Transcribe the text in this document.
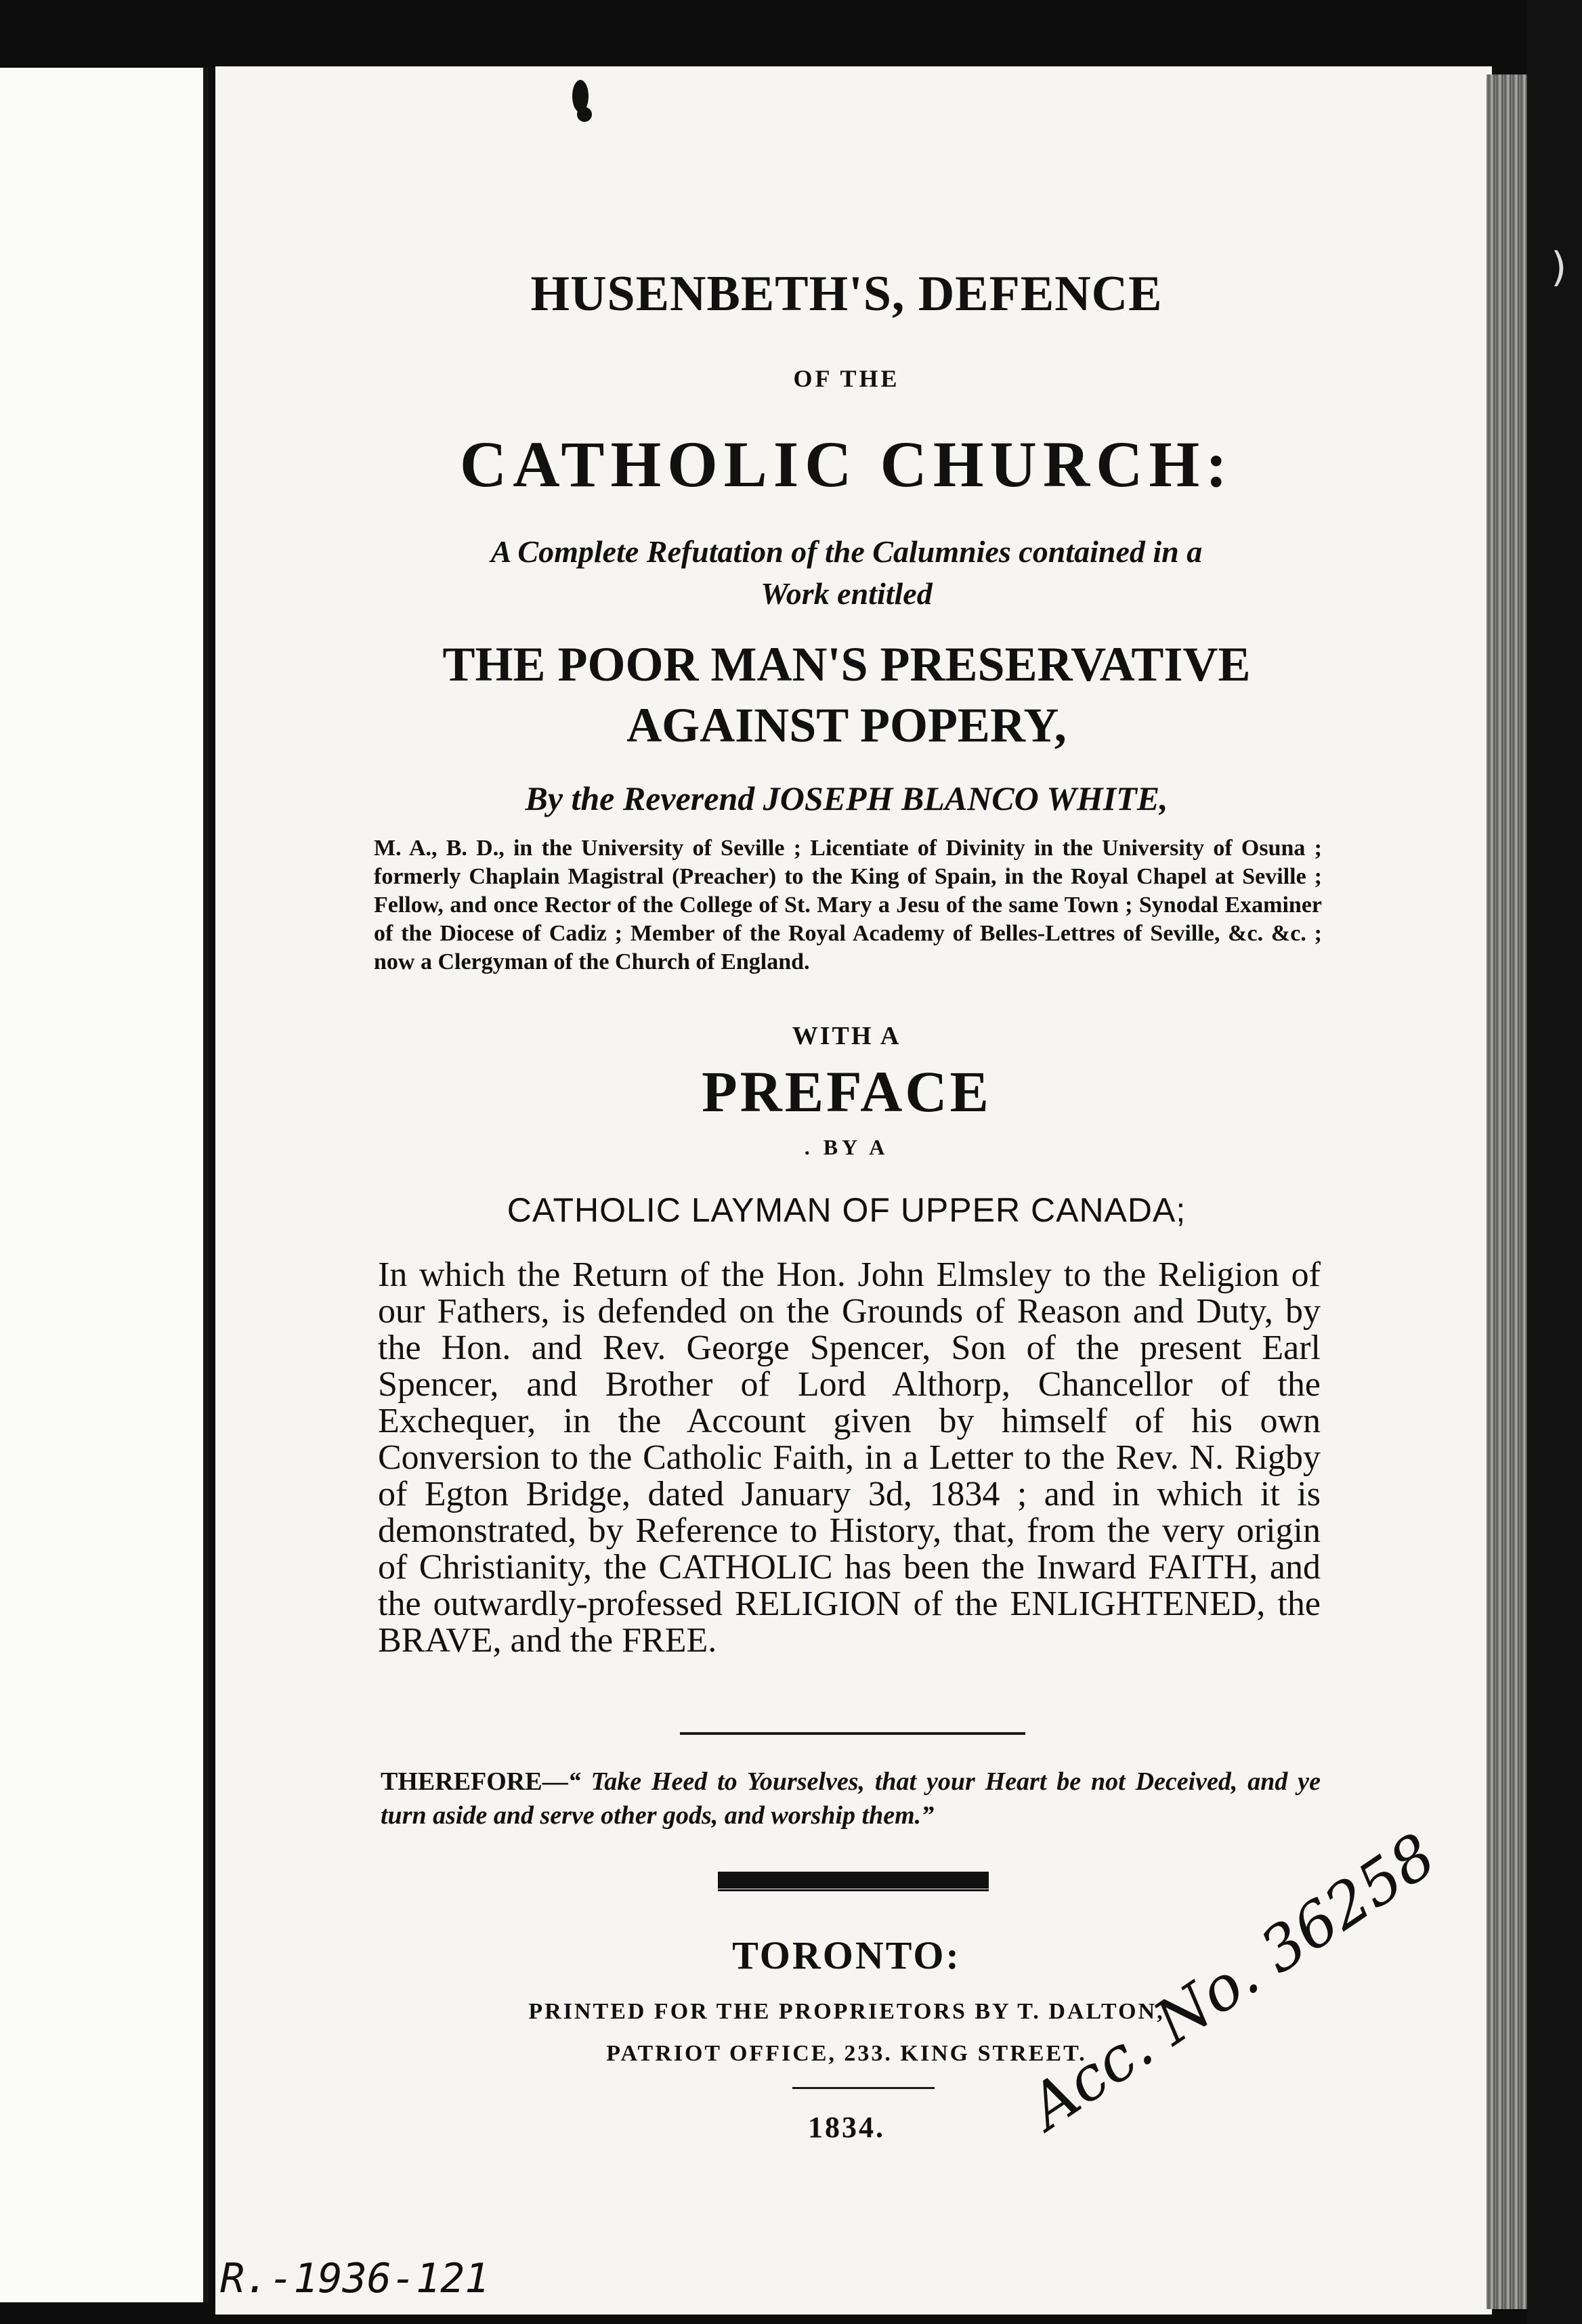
)
HUSENBETH'S, DEFENCE
OF THE
CATHOLIC CHURCH:
A Complete Refutation of the Calumnies contained in a
Work entitled
THE POOR MAN'S PRESERVATIVE
AGAINST POPERY,
By the Reverend JOSEPH BLANCO WHITE,
M. A., B. D., in the University of Seville ; Licentiate of Divinity in the University of Osuna ; formerly Chaplain Magistral (Preacher) to the King of Spain, in the Royal Chapel at Seville ; Fellow, and once Rector of the College of St. Mary a Jesu of the same Town ; Synodal Examiner of the Diocese of Cadiz ; Member of the Royal Academy of Belles-Lettres of Seville, &c. &c. ; now a Clergyman of the Church of England.
WITH A
PREFACE
. BY A
CATHOLIC LAYMAN OF UPPER CANADA;
In which the Return of the Hon. John Elmsley to the Religion of our Fathers, is defended on the Grounds of Reason and Duty, by the Hon. and Rev. George Spencer, Son of the present Earl Spencer, and Brother of Lord Althorp, Chancellor of the Exchequer, in the Account given by himself of his own Conversion to the Catholic Faith, in a Letter to the Rev. N. Rigby of Egton Bridge, dated January 3d, 1834 ; and in which it is demonstrated, by Reference to History, that, from the very origin of Christianity, the CATHOLIC has been the Inward FAITH, and the outwardly-professed RELIGION of the ENLIGHTENED, the BRAVE, and the FREE.
THEREFORE—“ Take Heed to Yourselves, that your Heart be not Deceived, and ye turn aside and serve other gods, and worship them.”
TORONTO:
PRINTED FOR THE PROPRIETORS BY T. DALTON,
PATRIOT OFFICE, 233. KING STREET.
1834.	Acc. No. 36258
R.-1936-121
